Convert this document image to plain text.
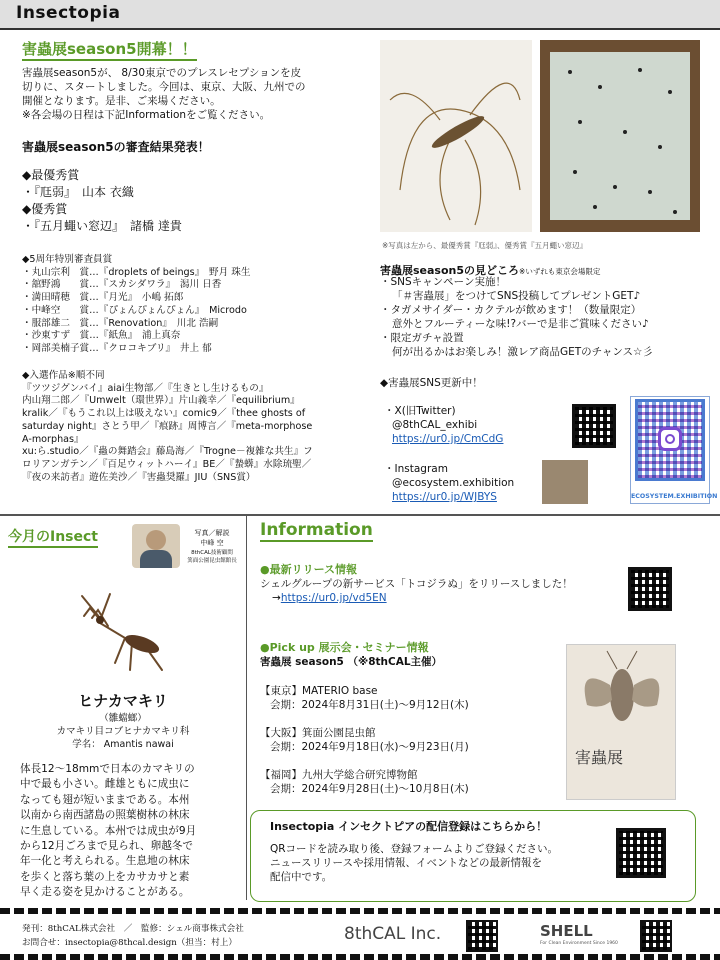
Insectopia
害蟲展season5開幕！！
害蟲展season5が、 8/30東京でのプレスレセプションを皮
切りに、スタートしました。今回は、東京、大阪、九州での
開催となります。是非、ご来場ください。
※各会場の日程は下記Informationをご覧ください。
害蟲展season5の審査結果発表！
◆最優秀賞
・『尫弱』　山本 衣織
◆優秀賞
・『五月蠅い窓辺』　諸橋 達貴
◆5周年特別審査員賞
・丸山宗利　賞…『droplets of beings』　野月 珠生
・舘野鴻　　賞…『スカシダワラ』　潟川 日香
・満田晴穂　賞…『月光』　小嶋 拓郎
・中峰空　　賞…『ぴょんぴょんぴょん』　Microdo
・服部雄二　賞…『Renovation』　川北 浩嗣
・沙東すず　賞…『紙魚』　浦上真奈
・岡部美楠子賞…『クロコキブリ』　井上 郁
◆入選作品※順不同
『ツツジグンバイ』aiai生物部／『生きとし生けるもの』
内山翔二郎／『Umwelt（環世界）』片山義幸／『equilibrium』
kralik／『もうこれ以上は吸えない』comic9／『thee ghosts of
saturday night』さとう甲／『痕跡』周博言／『meta-morphose
A-morphas』
xu:ら.studio／『蟲の舞踏会』藤島海／『Trogne－複雑な共生』フ
ロリアンガテン／『百足ウィットハーイ』BE／『蟄蠎』水除琉聖／
『夜の来訪者』遊佐美沙／『害蟲奨羅』JIU（SNS賞）
※写真は左から、最優秀賞『尫弱』、優秀賞『五月蠅い窓辺』
害蟲展season5の見どころ※いずれも東京会場限定
・SNSキャンペーン実施！
「＃害蟲展」をつけてSNS投稿してプレゼントGET♪
・タガメサイダー・カクテルが飲めます！（数量限定）
意外とフルーティーな味!?バーで是非ご賞味ください♪
・限定ガチャ設置
何が出るかはお楽しみ！激レア商品GETのチャンス☆彡
◆害蟲展SNS更新中！
・X(旧Twitter)
@8thCAL_exhibi
https://ur0.jp/CmCdG
・Instagram
@ecosystem.exhibition
https://ur0.jp/WJBYS	ECOSYSTEM.EXHIBITION
今月のInsect	写真／解説
中峰 空
8thCAL技術顧問
箕面公園昆虫館館長
ヒナカマキリ
（雛蟷螂）
カマキリ目コブヒナカマキリ科
学名： Amantis nawai
体長12〜18mmで日本のカマキリの
中で最も小さい。雌雄ともに成虫に
なっても翅が短いままである。本州
以南から南西諸島の照葉樹林の林床
に生息している。本州では成虫が9月
から12月ごろまで見られ、卵越冬で
年一化と考えられる。生息地の林床
を歩くと落ち葉の上をカサカサと素
早く走る姿を見かけることがある。
Information
●最新リリース情報
シェルグループの新サービス「トコジラぬ」をリリースしました！
→https://ur0.jp/vd5EN
●Pick up 展示会・セミナー情報
害蟲展 season5 （※8thCAL主催）
【東京】MATERIO base
会期：2024年8月31日(土)〜9月12日(木)
【大阪】箕面公園昆虫館
会期：2024年9月18日(水)〜9月23日(月)
【福岡】九州大学総合研究博物館
会期：2024年9月28日(土)〜10月8日(木)
害蟲展
Insectopia インセクトピアの配信登録はこちらから！
QRコードを読み取り後、登録フォームよりご登録ください。
ニュースリリースや採用情報、イベントなどの最新情報を
配信中です。
発刊：8thCAL株式会社　／　監修：シェル商事株式会社
お問合せ：insectopia@8thcal.design（担当：村上）	8thCAL Inc.	SHELL
For Clean Environment Since 1960
